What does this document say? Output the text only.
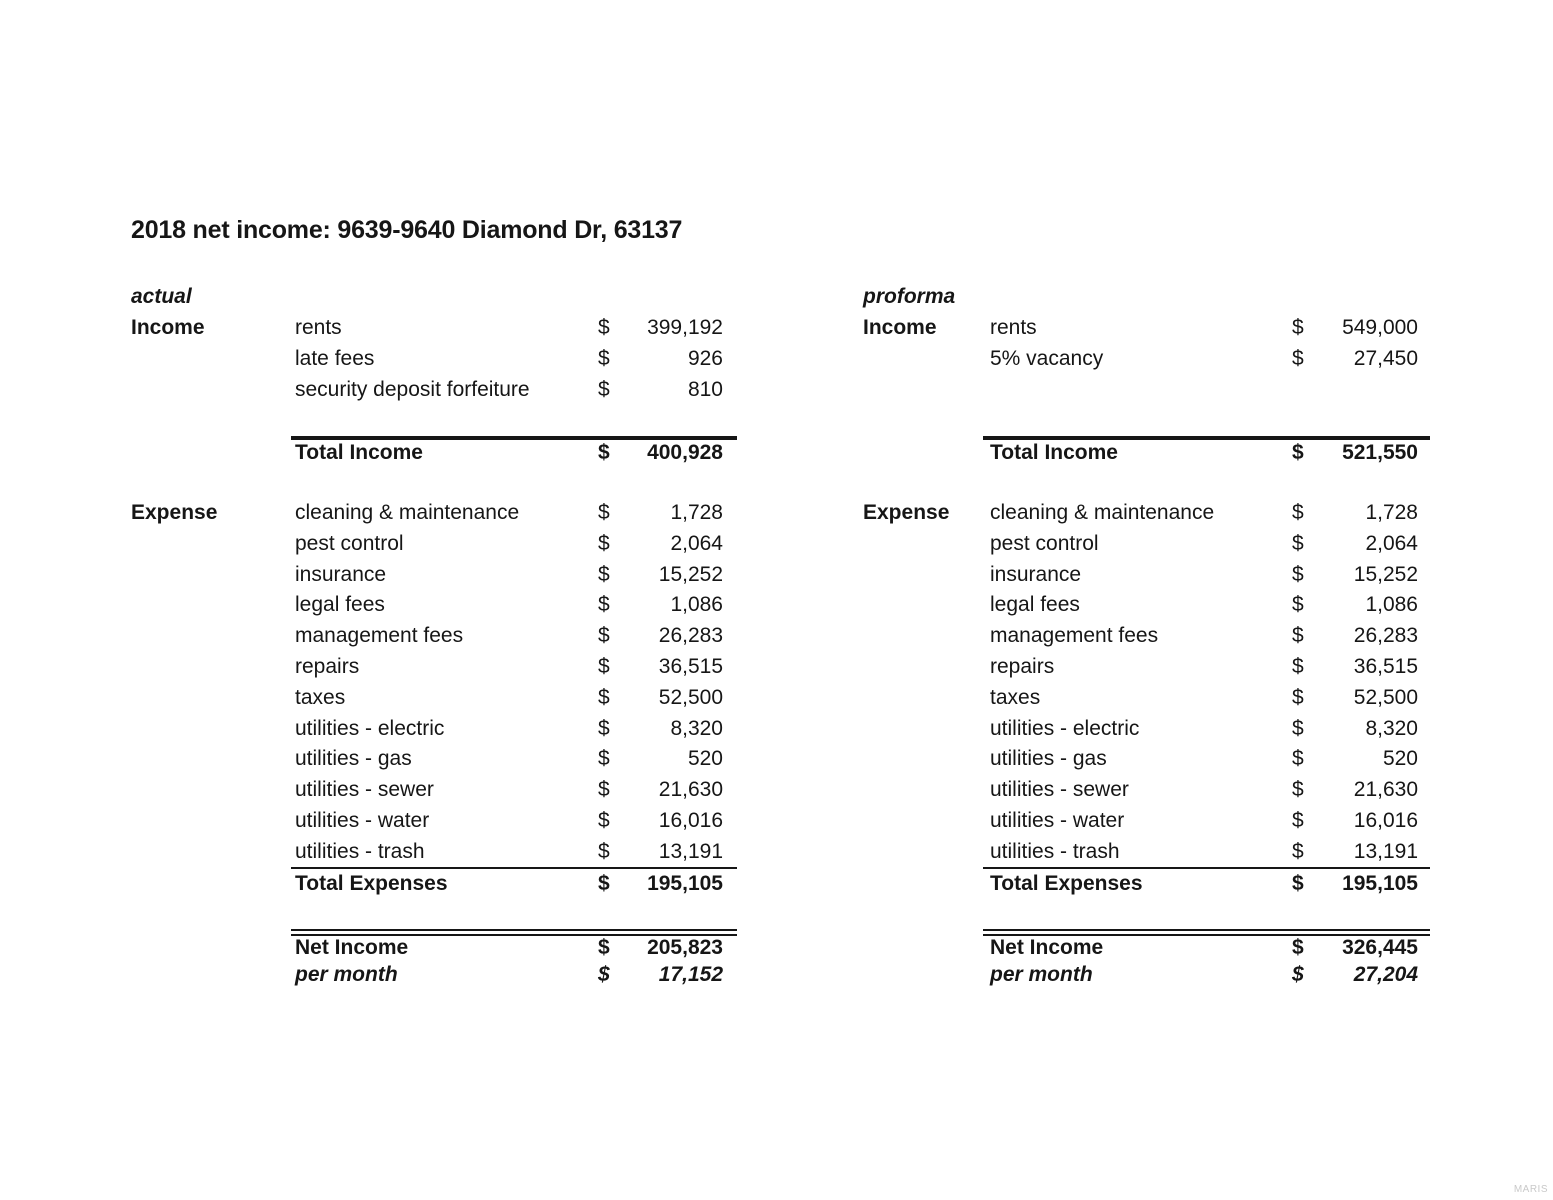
2018 net income: 9639-9640 Diamond Dr, 63137
actual
Income	rents	$	399,192
late fees	$	926
security deposit forfeiture	$	810
Total Income	$	400,928
Expense	cleaning & maintenance	$	1,728
pest control	$	2,064
insurance	$	15,252
legal fees	$	1,086
management fees	$	26,283
repairs	$	36,515
taxes	$	52,500
utilities - electric	$	8,320
utilities - gas	$	520
utilities - sewer	$	21,630
utilities - water	$	16,016
utilities - trash	$	13,191
Total Expenses	$	195,105
Net Income	$	205,823
per month	$	17,152
proforma
Income	rents	$	549,000
5% vacancy	$	27,450
Total Income	$	521,550
Expense	cleaning & maintenance	$	1,728
pest control	$	2,064
insurance	$	15,252
legal fees	$	1,086
management fees	$	26,283
repairs	$	36,515
taxes	$	52,500
utilities - electric	$	8,320
utilities - gas	$	520
utilities - sewer	$	21,630
utilities - water	$	16,016
utilities - trash	$	13,191
Total Expenses	$	195,105
Net Income	$	326,445
per month	$	27,204
MARIS
